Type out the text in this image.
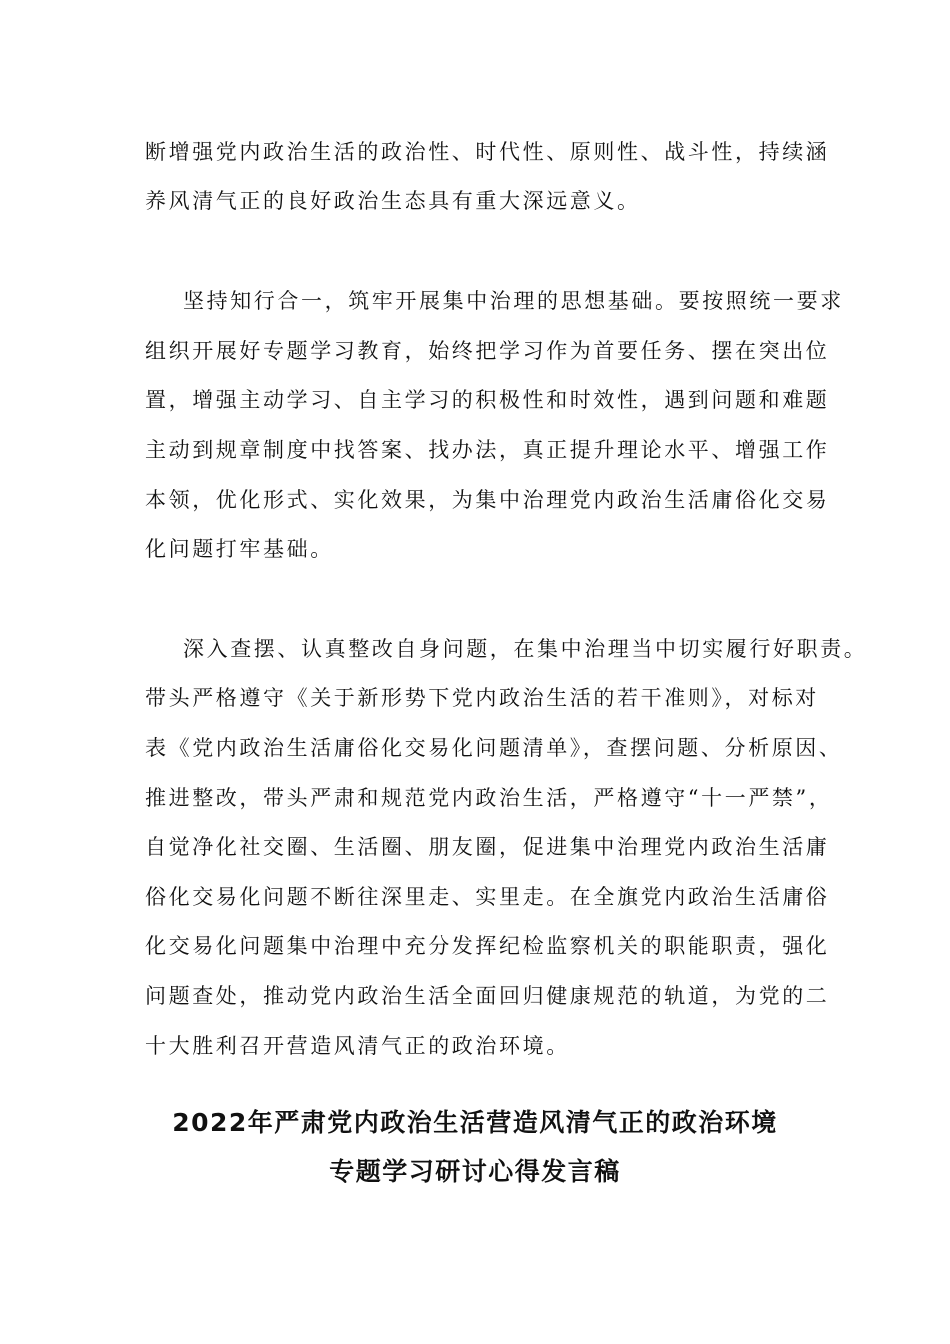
断增强党内政治生活的政治性、时代性、原则性、战斗性，持续涵
养风清气正的良好政治生态具有重大深远意义。
坚持知行合一，筑牢开展集中治理的思想基础。要按照统一要求
组织开展好专题学习教育，始终把学习作为首要任务、摆在突出位
置，增强主动学习、自主学习的积极性和时效性，遇到问题和难题
主动到规章制度中找答案、找办法，真正提升理论水平、增强工作
本领，优化形式、实化效果，为集中治理党内政治生活庸俗化交易
化问题打牢基础。
深入查摆、认真整改自身问题，在集中治理当中切实履行好职责。
带头严格遵守《关于新形势下党内政治生活的若干准则》，对标对
表《党内政治生活庸俗化交易化问题清单》，查摆问题、分析原因、
推进整改，带头严肃和规范党内政治生活，严格遵守“十一严禁”，
自觉净化社交圈、生活圈、朋友圈，促进集中治理党内政治生活庸
俗化交易化问题不断往深里走、实里走。在全旗党内政治生活庸俗
化交易化问题集中治理中充分发挥纪检监察机关的职能职责，强化
问题查处，推动党内政治生活全面回归健康规范的轨道，为党的二
十大胜利召开营造风清气正的政治环境。
2022年严肃党内政治生活营造风清气正的政治环境
专题学习研讨心得发言稿
